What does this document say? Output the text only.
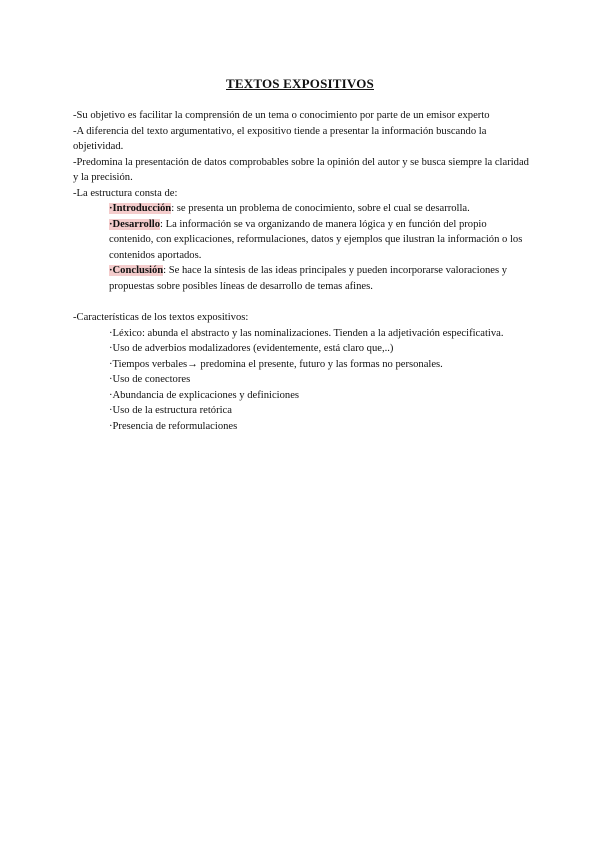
TEXTOS EXPOSITIVOS

-Su objetivo es facilitar la comprensión de un tema o conocimiento por parte de un emisor experto

-A diferencia del texto argumentativo, el expositivo tiende a presentar la información buscando la objetividad.

-Predomina la presentación de datos comprobables sobre la opinión del autor y se busca siempre la claridad y la precisión.

-La estructura consta de:

·Introducción: se presenta un problema de conocimiento, sobre el cual se desarrolla.

·Desarrollo: La información se va organizando de manera lógica y en función del propio contenido, con explicaciones, reformulaciones, datos y ejemplos que ilustran la información o los contenidos aportados.

·Conclusión: Se hace la síntesis de las ideas principales y pueden incorporarse valoraciones y propuestas sobre posibles líneas de desarrollo de temas afines.

-Características de los textos expositivos:

·Léxico: abunda el abstracto y las nominalizaciones. Tienden a la adjetivación especificativa.

·Uso de adverbios modalizadores (evidentemente, está claro que,..)

·Tiempos verbales→ predomina el presente, futuro y las formas no personales.

·Uso de conectores

·Abundancia de explicaciones y definiciones

·Uso de la estructura retórica

·Presencia de reformulaciones
